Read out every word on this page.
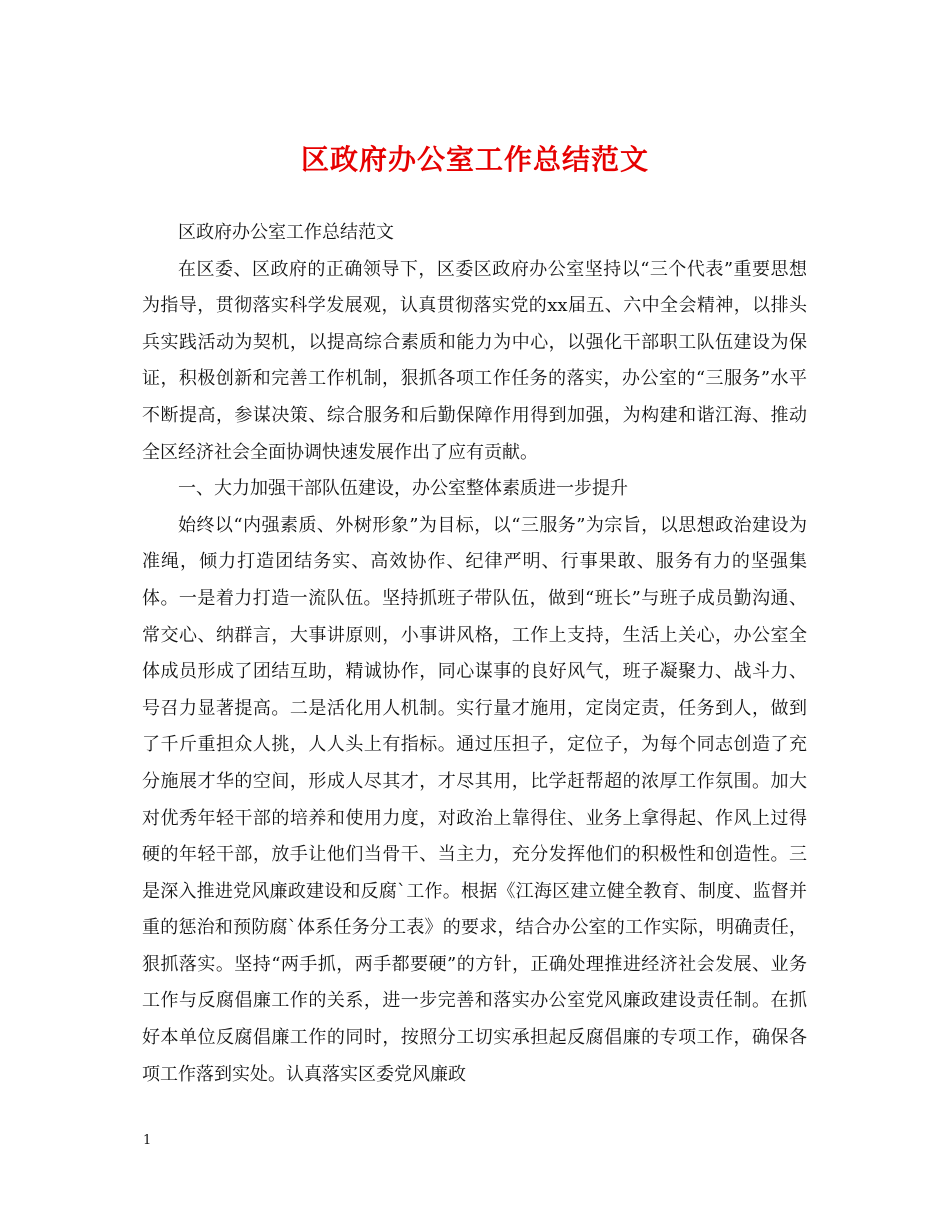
区政府办公室工作总结范文

区政府办公室工作总结范文

在区委、区政府的正确领导下，区委区政府办公室坚持以“三个代表”重要思想为指导，贯彻落实科学发展观，认真贯彻落实党的xx届五、六中全会精神，以排头兵实践活动为契机，以提高综合素质和能力为中心，以强化干部职工队伍建设为保证，积极创新和完善工作机制，狠抓各项工作任务的落实，办公室的“三服务”水平不断提高，参谋决策、综合服务和后勤保障作用得到加强，为构建和谐江海、推动全区经济社会全面协调快速发展作出了应有贡献。

一、大力加强干部队伍建设，办公室整体素质进一步提升

始终以“内强素质、外树形象”为目标，以“三服务”为宗旨，以思想政治建设为准绳，倾力打造团结务实、高效协作、纪律严明、行事果敢、服务有力的坚强集体。一是着力打造一流队伍。坚持抓班子带队伍，做到“班长”与班子成员勤沟通、常交心、纳群言，大事讲原则，小事讲风格，工作上支持，生活上关心，办公室全体成员形成了团结互助，精诚协作，同心谋事的良好风气，班子凝聚力、战斗力、号召力显著提高。二是活化用人机制。实行量才施用，定岗定责，任务到人，做到了千斤重担众人挑，人人头上有指标。通过压担子，定位子，为每个同志创造了充分施展才华的空间，形成人尽其才，才尽其用，比学赶帮超的浓厚工作氛围。加大对优秀年轻干部的培养和使用力度，对政治上靠得住、业务上拿得起、作风上过得硬的年轻干部，放手让他们当骨干、当主力，充分发挥他们的积极性和创造性。三是深入推进党风廉政建设和反腐`工作。根据《江海区建立健全教育、制度、监督并重的惩治和预防腐`体系任务分工表》的要求，结合办公室的工作实际，明确责任，狠抓落实。坚持“两手抓，两手都要硬”的方针，正确处理推进经济社会发展、业务工作与反腐倡廉工作的关系，进一步完善和落实办公室党风廉政建设责任制。在抓好本单位反腐倡廉工作的同时，按照分工切实承担起反腐倡廉的专项工作，确保各项工作落到实处。认真落实区委党风廉政

1
